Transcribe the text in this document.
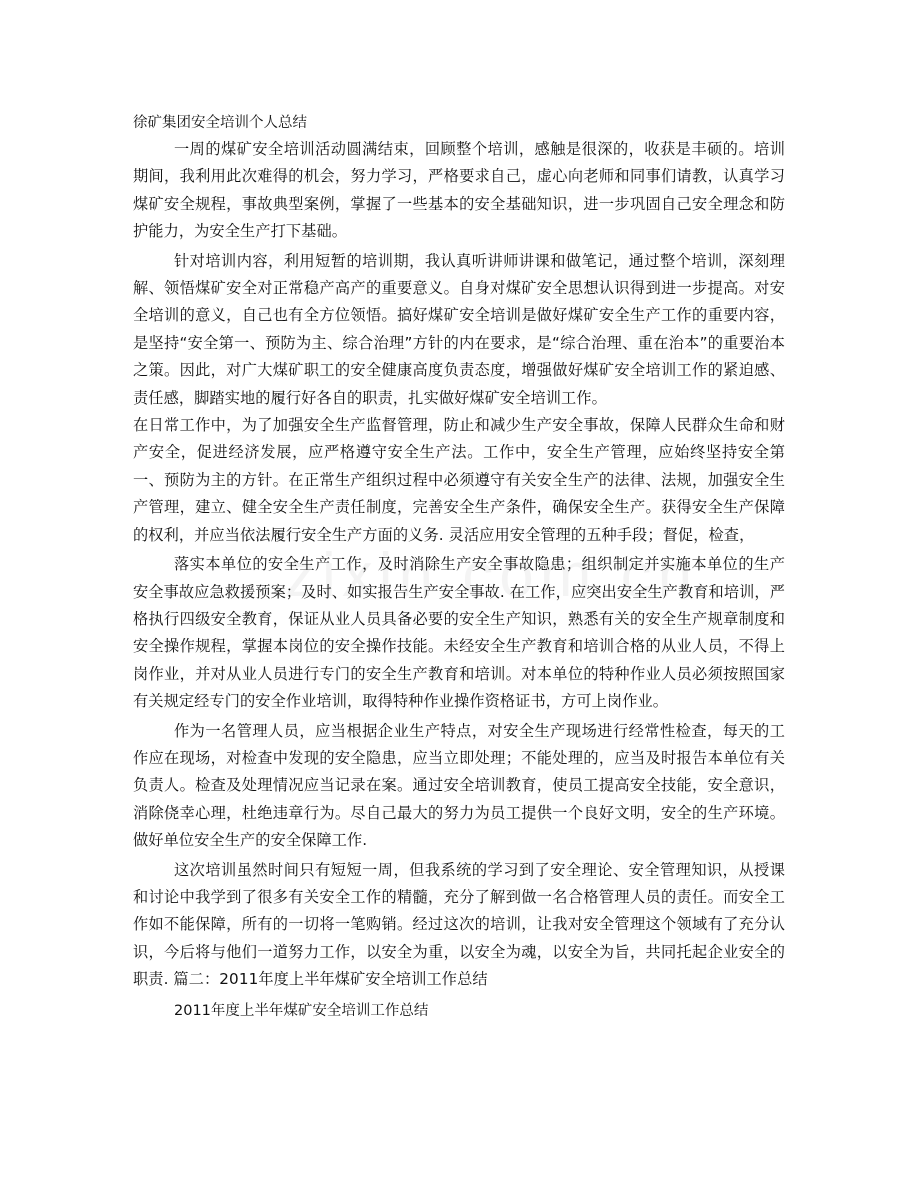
徐矿集团安全培训个人总结

一周的煤矿安全培训活动圆满结束，回顾整个培训，感触是很深的，收获是丰硕的。培训期间，我利用此次难得的机会，努力学习，严格要求自己，虚心向老师和同事们请教，认真学习煤矿安全规程，事故典型案例，掌握了一些基本的安全基础知识，进一步巩固自己安全理念和防护能力，为安全生产打下基础。

针对培训内容，利用短暂的培训期，我认真听讲师讲课和做笔记，通过整个培训，深刻理解、领悟煤矿安全对正常稳产高产的重要意义。自身对煤矿安全思想认识得到进一步提高。对安全培训的意义，自己也有全方位领悟。搞好煤矿安全培训是做好煤矿安全生产工作的重要内容，是坚持“安全第一、预防为主、综合治理”方针的内在要求，是“综合治理、重在治本”的重要治本之策。因此，对广大煤矿职工的安全健康高度负责态度，增强做好煤矿安全培训工作的紧迫感、责任感，脚踏实地的履行好各自的职责，扎实做好煤矿安全培训工作。

在日常工作中，为了加强安全生产监督管理，防止和减少生产安全事故，保障人民群众生命和财产安全，促进经济发展，应严格遵守安全生产法。工作中，安全生产管理，应始终坚持安全第一、预防为主的方针。在正常生产组织过程中必须遵守有关安全生产的法律、法规，加强安全生产管理，建立、健全安全生产责任制度，完善安全生产条件，确保安全生产。获得安全生产保障的权利，并应当依法履行安全生产方面的义务. 灵活应用安全管理的五种手段；督促，检查，

落实本单位的安全生产工作，及时消除生产安全事故隐患；组织制定并实施本单位的生产安全事故应急救援预案；及时、如实报告生产安全事故. 在工作，应突出安全生产教育和培训，严格执行四级安全教育，保证从业人员具备必要的安全生产知识，熟悉有关的安全生产规章制度和安全操作规程，掌握本岗位的安全操作技能。未经安全生产教育和培训合格的从业人员，不得上岗作业，并对从业人员进行专门的安全生产教育和培训。对本单位的特种作业人员必须按照国家有关规定经专门的安全作业培训，取得特种作业操作资格证书，方可上岗作业。

作为一名管理人员，应当根据企业生产特点，对安全生产现场进行经常性检查，每天的工作应在现场，对检查中发现的安全隐患，应当立即处理；不能处理的，应当及时报告本单位有关负责人。检查及处理情况应当记录在案。通过安全培训教育，使员工提高安全技能，安全意识，消除侥幸心理，杜绝违章行为。尽自己最大的努力为员工提供一个良好文明，安全的生产环境。做好单位安全生产的安全保障工作.

这次培训虽然时间只有短短一周，但我系统的学习到了安全理论、安全管理知识，从授课和讨论中我学到了很多有关安全工作的精髓，充分了解到做一名合格管理人员的责任。而安全工作如不能保障，所有的一切将一笔购销。经过这次的培训，让我对安全管理这个领域有了充分认识，今后将与他们一道努力工作，以安全为重，以安全为魂，以安全为旨，共同托起企业安全的职责. 篇二：2011年度上半年煤矿安全培训工作总结

2011年度上半年煤矿安全培训工作总结
